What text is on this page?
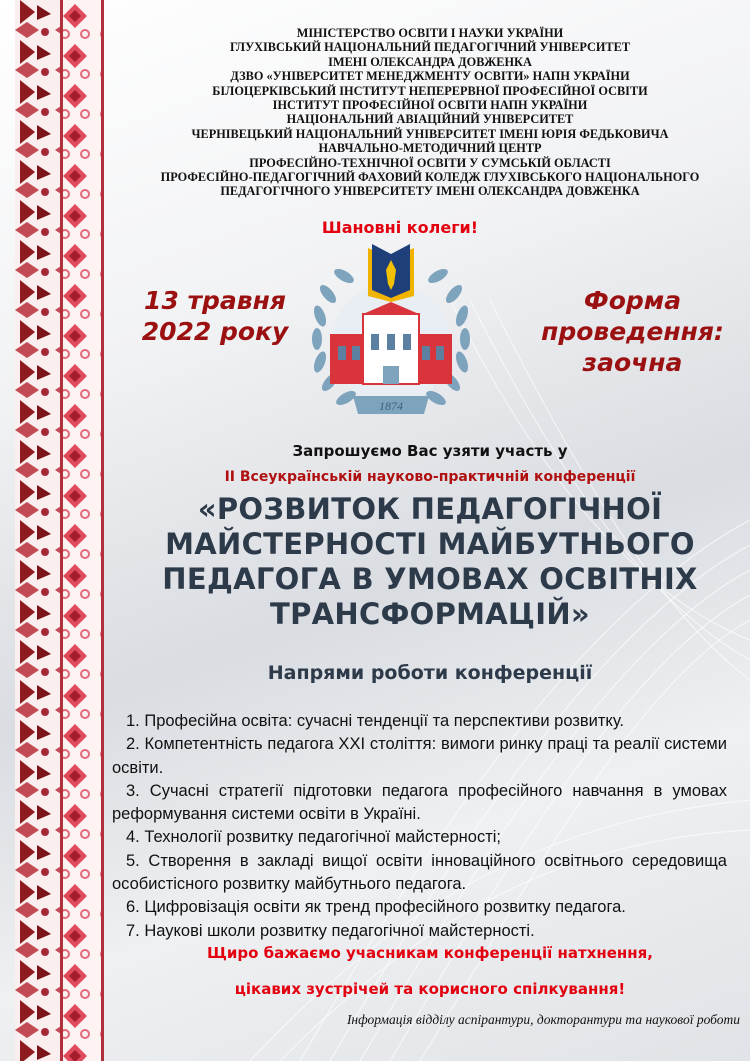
МІНІСТЕРСТВО ОСВІТИ І НАУКИ УКРАЇНИ
ГЛУХІВСЬКИЙ НАЦІОНАЛЬНИЙ ПЕДАГОГІЧНИЙ УНІВЕРСИТЕТ
ІМЕНІ ОЛЕКСАНДРА ДОВЖЕНКА
ДЗВО «УНІВЕРСИТЕТ МЕНЕДЖМЕНТУ ОСВІТИ» НАПН УКРАЇНИ
БІЛОЦЕРКІВСЬКИЙ ІНСТИТУТ НЕПЕРЕРВНОЇ ПРОФЕСІЙНОЇ ОСВІТИ
ІНСТИТУТ ПРОФЕСІЙНОЇ ОСВІТИ НАПН УКРАЇНИ
НАЦІОНАЛЬНИЙ АВІАЦІЙНИЙ УНІВЕРСИТЕТ
ЧЕРНІВЕЦЬКИЙ НАЦІОНАЛЬНИЙ УНІВЕРСИТЕТ ІМЕНІ ЮРІЯ ФЕДЬКОВИЧА
НАВЧАЛЬНО-МЕТОДИЧНИЙ ЦЕНТР
ПРОФЕСІЙНО-ТЕХНІЧНОЇ ОСВІТИ У СУМСЬКІЙ ОБЛАСТІ
ПРОФЕСІЙНО-ПЕДАГОГІЧНИЙ ФАХОВИЙ КОЛЕДЖ ГЛУХІВСЬКОГО НАЦІОНАЛЬНОГО
ПЕДАГОГІЧНОГО УНІВЕРСИТЕТУ ІМЕНІ ОЛЕКСАНДРА ДОВЖЕНКА
Шановні колеги!
13 травня
2022 року
Форма
проведення:
заочна
1874
Запрошуємо Вас узяти участь у
ІІ Всеукраїнській науково-практичній конференції
«РОЗВИТОК ПЕДАГОГІЧНОЇ
МАЙСТЕРНОСТІ МАЙБУТНЬОГО
ПЕДАГОГА В УМОВАХ ОСВІТНІХ
ТРАНСФОРМАЦІЙ»
Напрями роботи конференції

1. Професійна освіта: сучасні тенденції та перспективи розвитку.

2. Компетентність педагога XXI століття: вимоги ринку праці та реалії системи освіти.

3. Сучасні стратегії підготовки педагога професійного навчання в умовах реформування системи освіти в Україні.

4. Технології розвитку педагогічної майстерності;

5. Створення в закладі вищої освіти інноваційного освітнього середовища особистісного розвитку майбутнього педагога.

6. Цифровізація освіти як тренд професійного розвитку педагога.

7. Наукові школи розвитку педагогічної майстерності.

Щиро бажаємо учасникам конференції натхнення,
цікавих зустрічей та корисного спілкування!
Інформація відділу аспірантури, докторантури та наукової роботи
